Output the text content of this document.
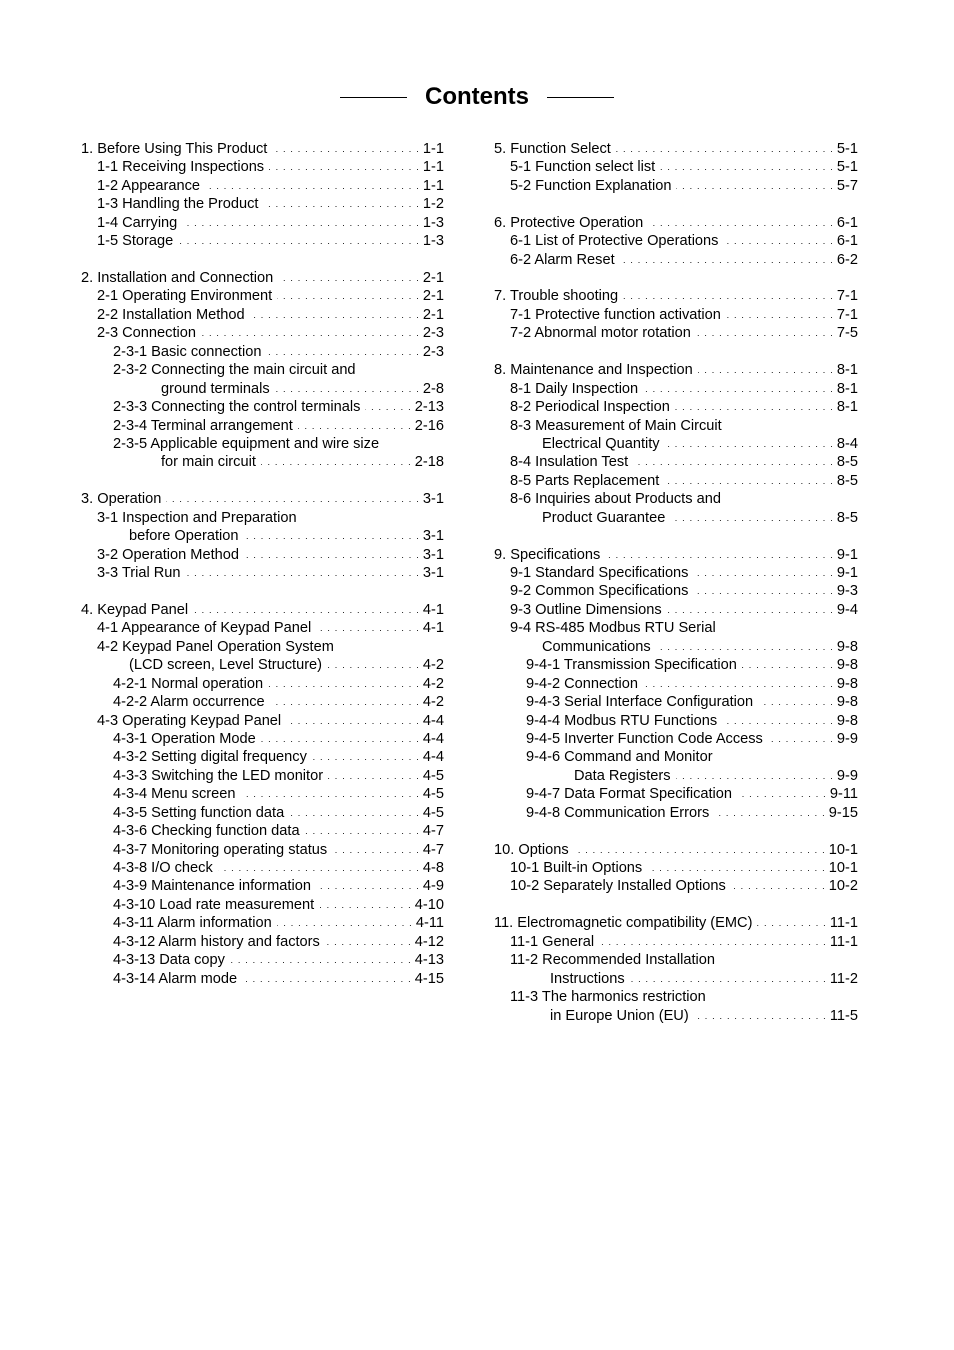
Contents
1. Before Using This Product . . .	1-1
1-1 Receiving Inspections . . .	1-1
1-2 Appearance . . .	1-1
1-3 Handling the Product . . .	1-2
1-4 Carrying . . .	1-3
1-5 Storage . . .	1-3
2. Installation and Connection . . .	2-1
2-1 Operating Environment . . .	2-1
2-2 Installation Method . . .	2-1
2-3 Connection . . .	2-3
2-3-1 Basic connection . . .	2-3
2-3-2 Connecting the main circuit and
ground terminals . . .	2-8
2-3-3 Connecting the control terminals . . .	2-13
2-3-4 Terminal arrangement . . .	2-16
2-3-5 Applicable equipment and wire size
for main circuit . . .	2-18
3. Operation . . .	3-1
3-1 Inspection and Preparation
before Operation . . .	3-1
3-2 Operation Method . . .	3-1
3-3 Trial Run . . .	3-1
4. Keypad Panel . . .	4-1
4-1 Appearance of Keypad Panel . . .	4-1
4-2 Keypad Panel Operation System
(LCD screen, Level Structure) . . .	4-2
4-2-1 Normal operation . . .	4-2
4-2-2 Alarm occurrence . . .	4-2
4-3 Operating Keypad Panel . . .	4-4
4-3-1 Operation Mode . . .	4-4
4-3-2 Setting digital frequency . . .	4-4
4-3-3 Switching the LED monitor . . .	4-5
4-3-4 Menu screen . . .	4-5
4-3-5 Setting function data . . .	4-5
4-3-6 Checking function data . . .	4-7
4-3-7 Monitoring operating status . . .	4-7
4-3-8 I/O check . . .	4-8
4-3-9 Maintenance information . . .	4-9
4-3-10 Load rate measurement . . .	4-10
4-3-11 Alarm information . . .	4-11
4-3-12 Alarm history and factors . . .	4-12
4-3-13 Data copy . . .	4-13
4-3-14 Alarm mode . . .	4-15
5. Function Select . . .	5-1
5-1 Function select list . . .	5-1
5-2 Function Explanation . . .	5-7
6. Protective Operation . . .	6-1
6-1 List of Protective Operations . . .	6-1
6-2 Alarm Reset . . .	6-2
7. Trouble shooting . . .	7-1
7-1 Protective function activation . . .	7-1
7-2 Abnormal motor rotation . . .	7-5
8. Maintenance and Inspection . . .	8-1
8-1 Daily Inspection . . .	8-1
8-2 Periodical Inspection . . .	8-1
8-3 Measurement of Main Circuit
Electrical Quantity . . .	8-4
8-4 Insulation Test . . .	8-5
8-5 Parts Replacement . . .	8-5
8-6 Inquiries about Products and
Product Guarantee . . .	8-5
9. Specifications . . .	9-1
9-1 Standard Specifications . . .	9-1
9-2 Common Specifications . . .	9-3
9-3 Outline Dimensions . . .	9-4
9-4 RS-485 Modbus RTU Serial
Communications . . .	9-8
9-4-1 Transmission Specification . . .	9-8
9-4-2 Connection . . .	9-8
9-4-3 Serial Interface Configuration . . .	9-8
9-4-4 Modbus RTU Functions . . .	9-8
9-4-5 Inverter Function Code Access . . .	9-9
9-4-6 Command and Monitor
Data Registers . . .	9-9
9-4-7 Data Format Specification . . .	9-11
9-4-8 Communication Errors . . .	9-15
10. Options . . .	10-1
10-1 Built-in Options . . .	10-1
10-2 Separately Installed Options . . .	10-2
11. Electromagnetic compatibility (EMC) . . .	11-1
11-1 General . . .	11-1
11-2 Recommended Installation
Instructions . . .	11-2
11-3 The harmonics restriction
in Europe Union (EU) . . .	11-5
